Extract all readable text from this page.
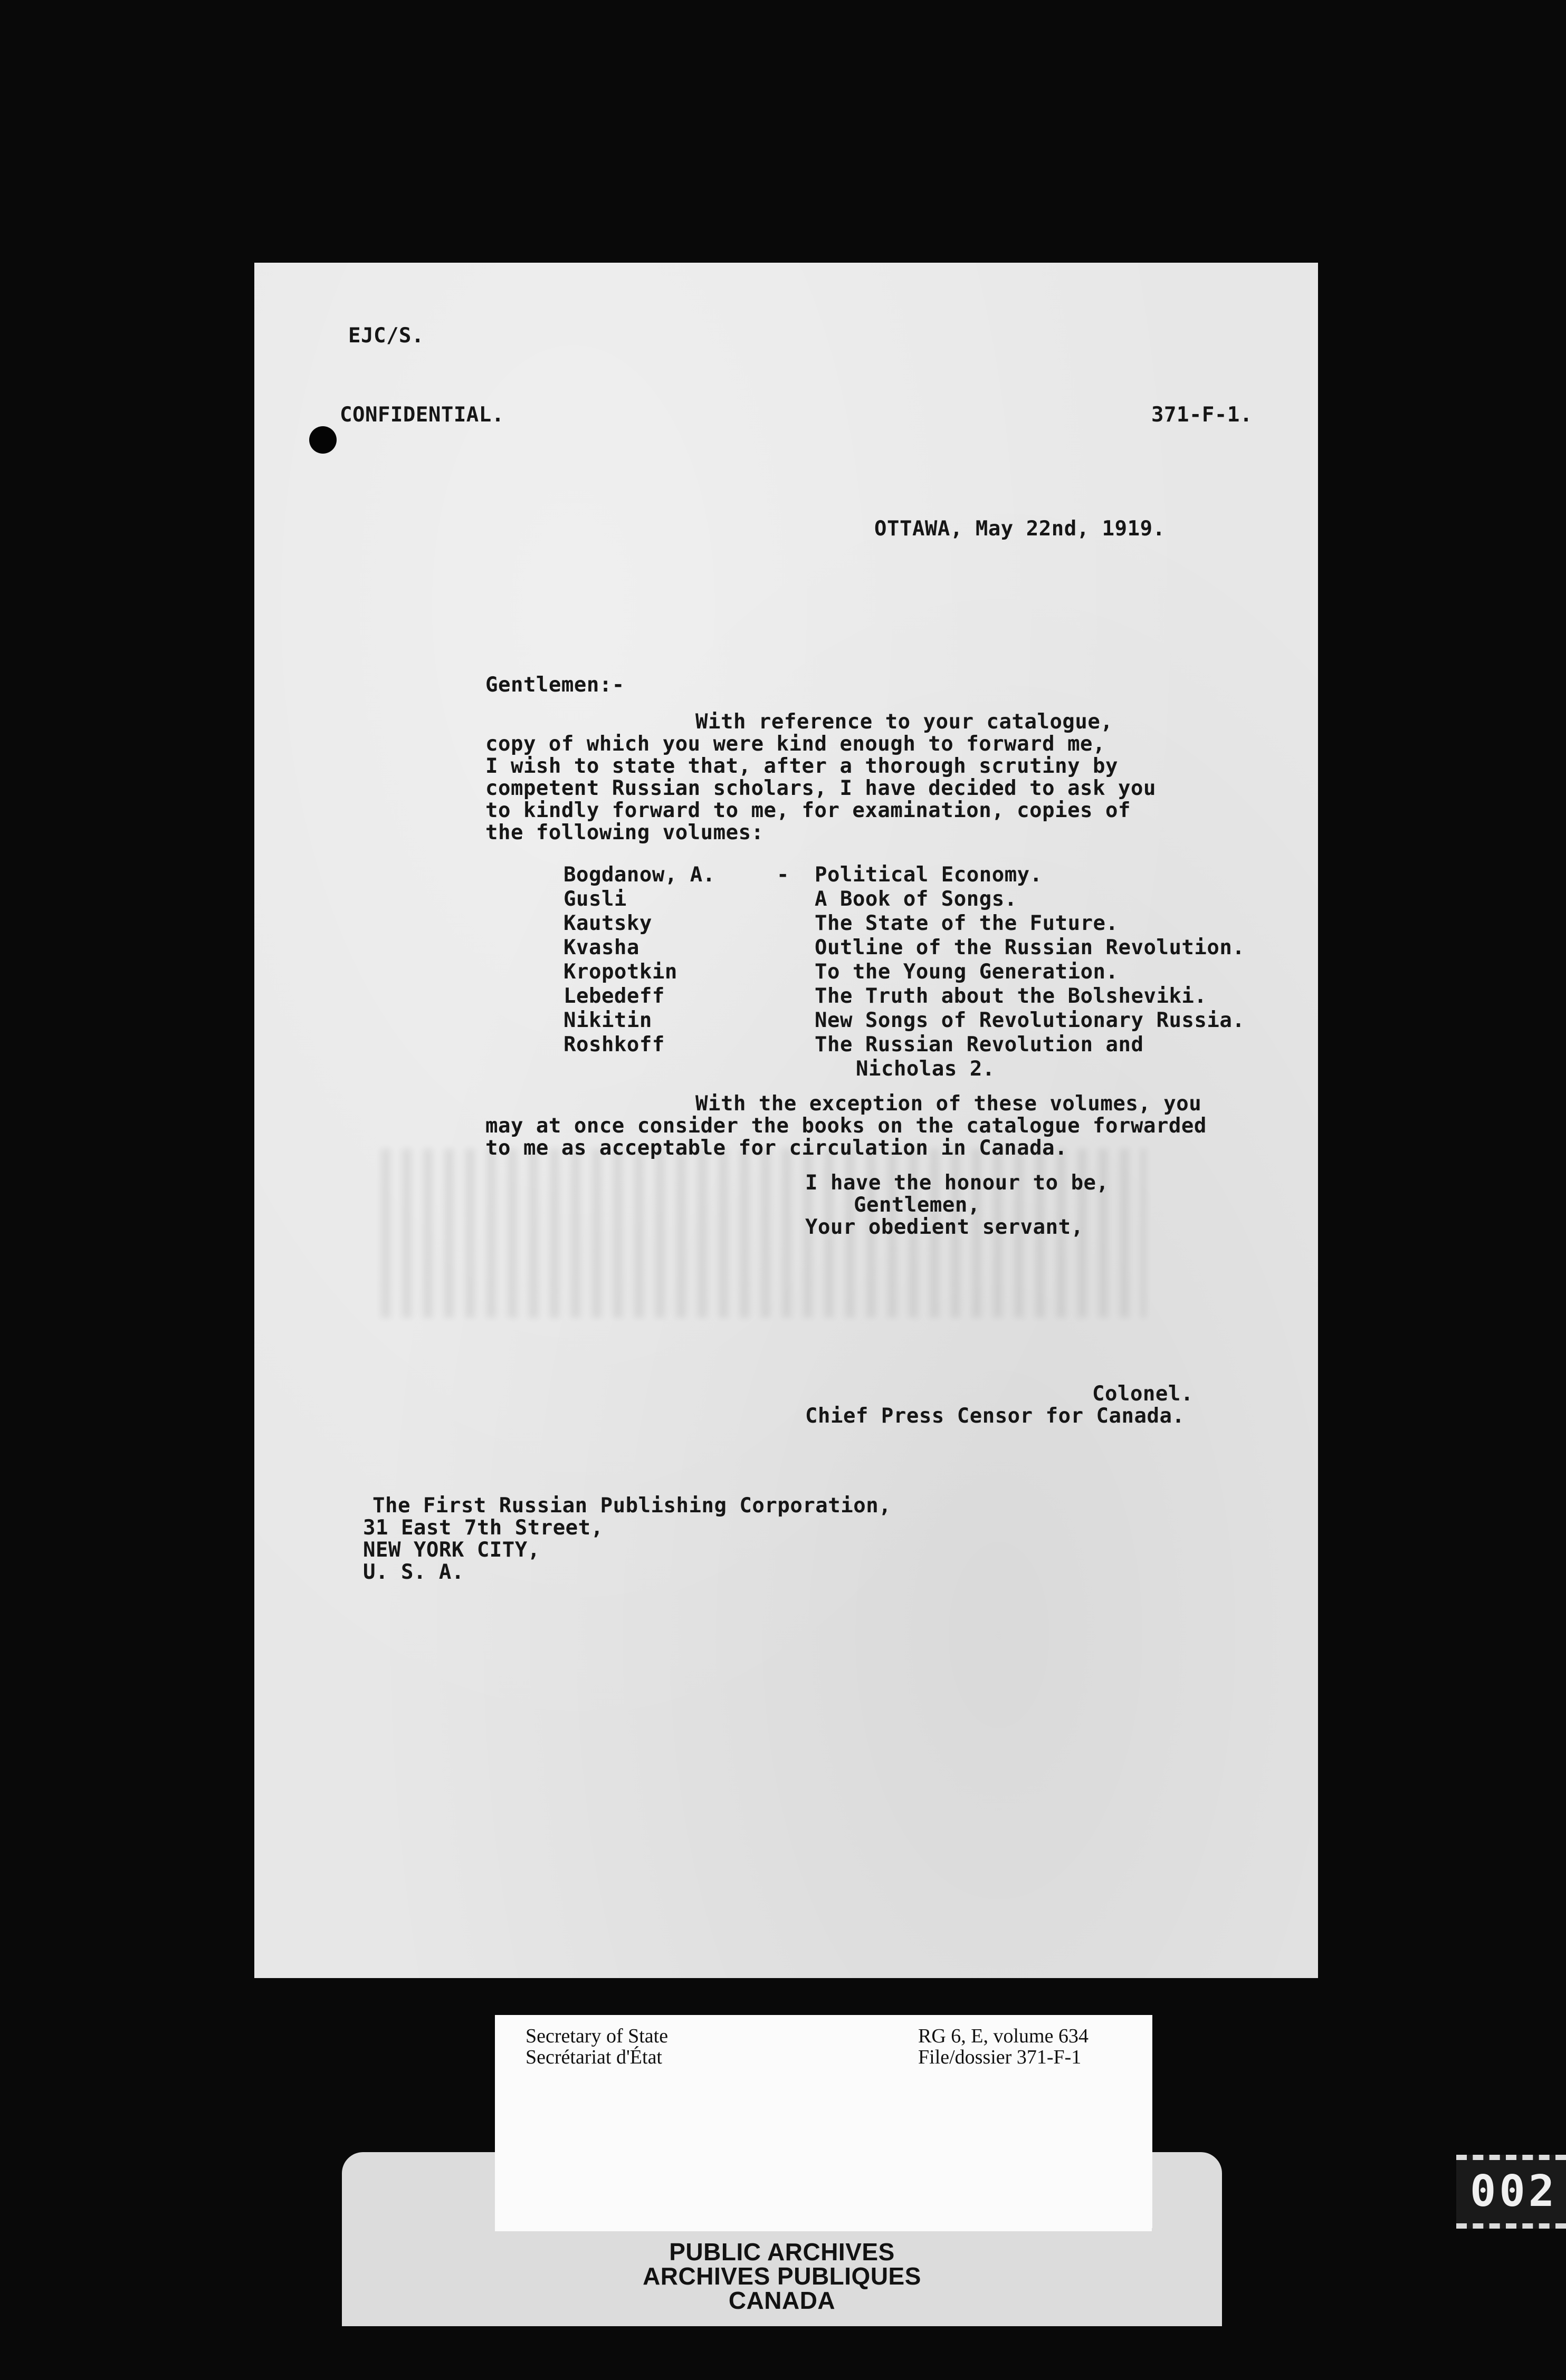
EJC/S.
CONFIDENTIAL.	371-F-1.
OTTAWA, May 22nd, 1919.
Gentlemen:-
With reference to your catalogue,
copy of which you were kind enough to forward me,
I wish to state that, after a thorough scrutiny by
competent Russian scholars, I have decided to ask you
to kindly forward to me, for examination, copies of
the following volumes:
Bogdanow, A.	- Political Economy.
Gusli	A Book of Songs.
Kautsky	The State of the Future.
Kvasha	Outline of the Russian Revolution.
Kropotkin	To the Young Generation.
Lebedeff	The Truth about the Bolsheviki.
Nikitin	New Songs of Revolutionary Russia.
Roshkoff	The Russian Revolution and
Nicholas 2.
With the exception of these volumes, you
may at once consider the books on the catalogue forwarded
to me as acceptable for circulation in Canada.
I have the honour to be,
Gentlemen,
Your obedient servant,
Colonel.
Chief Press Censor for Canada.
The First Russian Publishing Corporation,
31 East 7th Street,
NEW YORK CITY,
U. S. A.
PUBLIC ARCHIVES
ARCHIVES PUBLIQUES
CANADA
Secretary of State
Secrétariat d'État
RG 6, E, volume 634
File/dossier 371-F-1
002
